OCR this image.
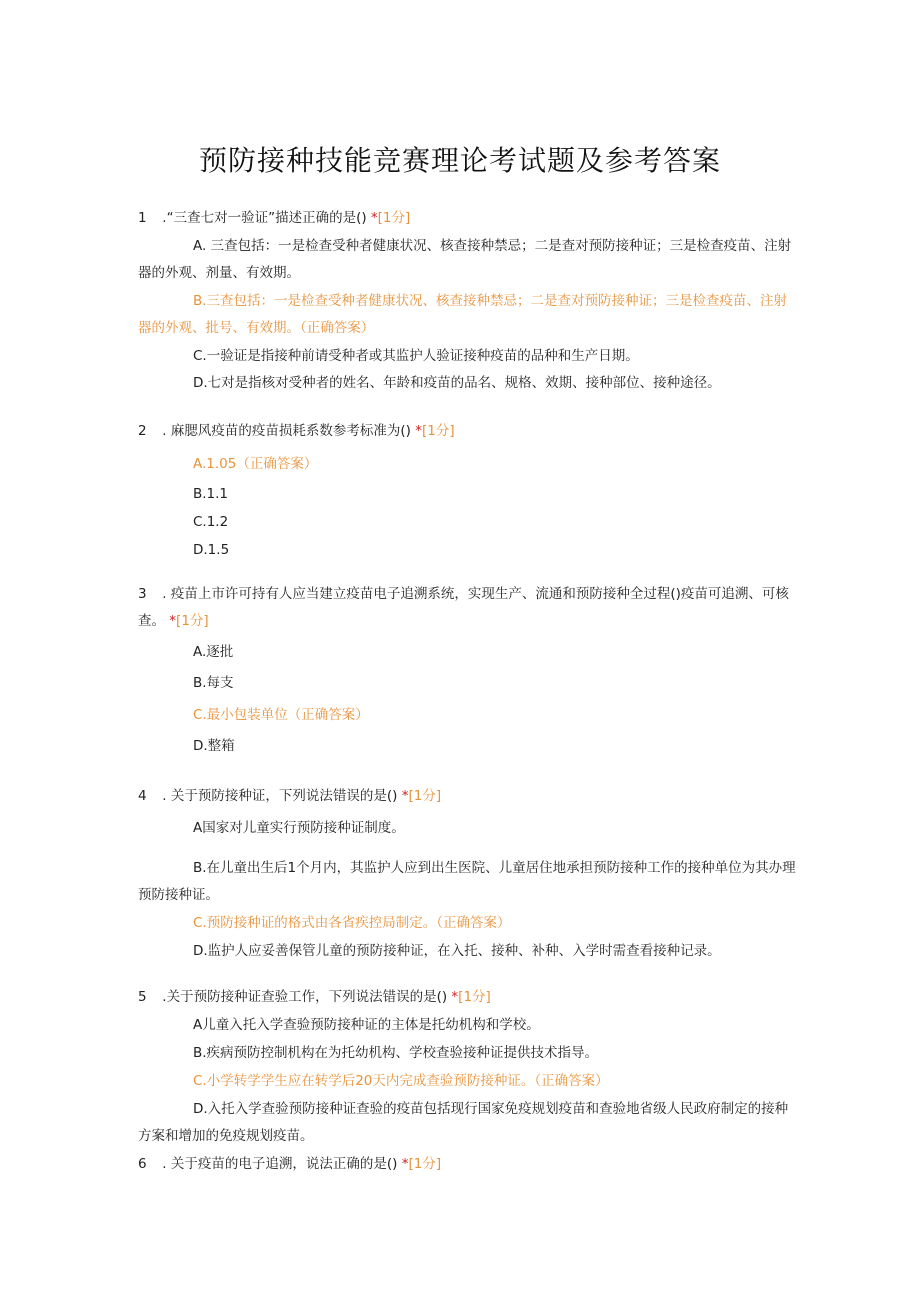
预防接种技能竞赛理论考试题及参考答案
1 .“三查七对一验证”描述正确的是() *[1分]
A. 三查包括：一是检查受种者健康状况、核查接种禁忌；二是查对预防接种证；三是检查疫苗、注射器的外观、剂量、有效期。
B.三查包括：一是检查受种者健康状况、核查接种禁忌；二是查对预防接种证；三是检查疫苗、注射器的外观、批号、有效期。（正确答案）
C.一验证是指接种前请受种者或其监护人验证接种疫苗的品种和生产日期。
D.七对是指核对受种者的姓名、年龄和疫苗的品名、规格、效期、接种部位、接种途径。
2 . 麻腮风疫苗的疫苗损耗系数参考标准为() *[1分]
A.1.05（正确答案）
B.1.1
C.1.2
D.1.5
3 . 疫苗上市许可持有人应当建立疫苗电子追溯系统，实现生产、流通和预防接种全过程()疫苗可追溯、可核查。 *[1分]
A.逐批
B.每支
C.最小包装单位（正确答案）
D.整箱
4 . 关于预防接种证，下列说法错误的是() *[1分]
A国家对儿童实行预防接种证制度。
B.在儿童出生后1个月内，其监护人应到出生医院、儿童居住地承担预防接种工作的接种单位为其办理预防接种证。
C.预防接种证的格式由各省疾控局制定。（正确答案）
D.监护人应妥善保管儿童的预防接种证，在入托、接种、补种、入学时需查看接种记录。
5 .关于预防接种证查验工作，下列说法错误的是() *[1分]
A儿童入托入学查验预防接种证的主体是托幼机构和学校。
B.疾病预防控制机构在为托幼机构、学校查验接种证提供技术指导。
C.小学转学学生应在转学后20天内完成查验预防接种证。（正确答案）
D.入托入学查验预防接种证查验的疫苗包括现行国家免疫规划疫苗和查验地省级人民政府制定的接种方案和增加的免疫规划疫苗。
6 . 关于疫苗的电子追溯，说法正确的是() *[1分]
